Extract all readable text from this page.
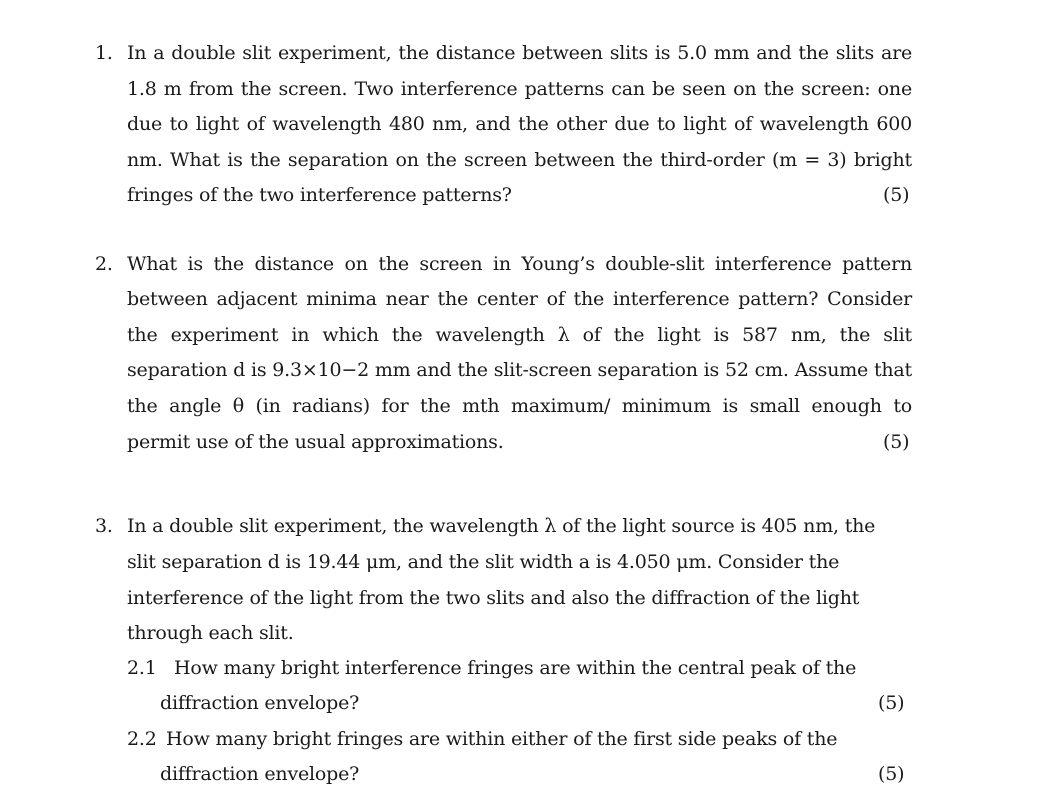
1. In a double slit experiment, the distance between slits is 5.0 mm and the slits are
1.8 m from the screen. Two interference patterns can be seen on the screen: one
due to light of wavelength 480 nm, and the other due to light of wavelength 600
nm. What is the separation on the screen between the third-order (m = 3) bright
fringes of the two interference patterns?	(5)
2. What is the distance on the screen in Young’s double-slit interference pattern
between adjacent minima near the center of the interference pattern? Consider
the experiment in which the wavelength λ of the light is 587 nm, the slit
separation d is 9.3×10−2 mm and the slit-screen separation is 52 cm. Assume that
the angle θ (in radians) for the mth maximum/ minimum is small enough to
permit use of the usual approximations.	(5)
3. In a double slit experiment, the wavelength λ of the light source is 405 nm, the
slit separation d is 19.44 μm, and the slit width a is 4.050 μm. Consider the
interference of the light from the two slits and also the diffraction of the light
through each slit.
2.1 How many bright interference fringes are within the central peak of the
diffraction envelope?	(5)
2.2 How many bright fringes are within either of the first side peaks of the
diffraction envelope?	(5)
